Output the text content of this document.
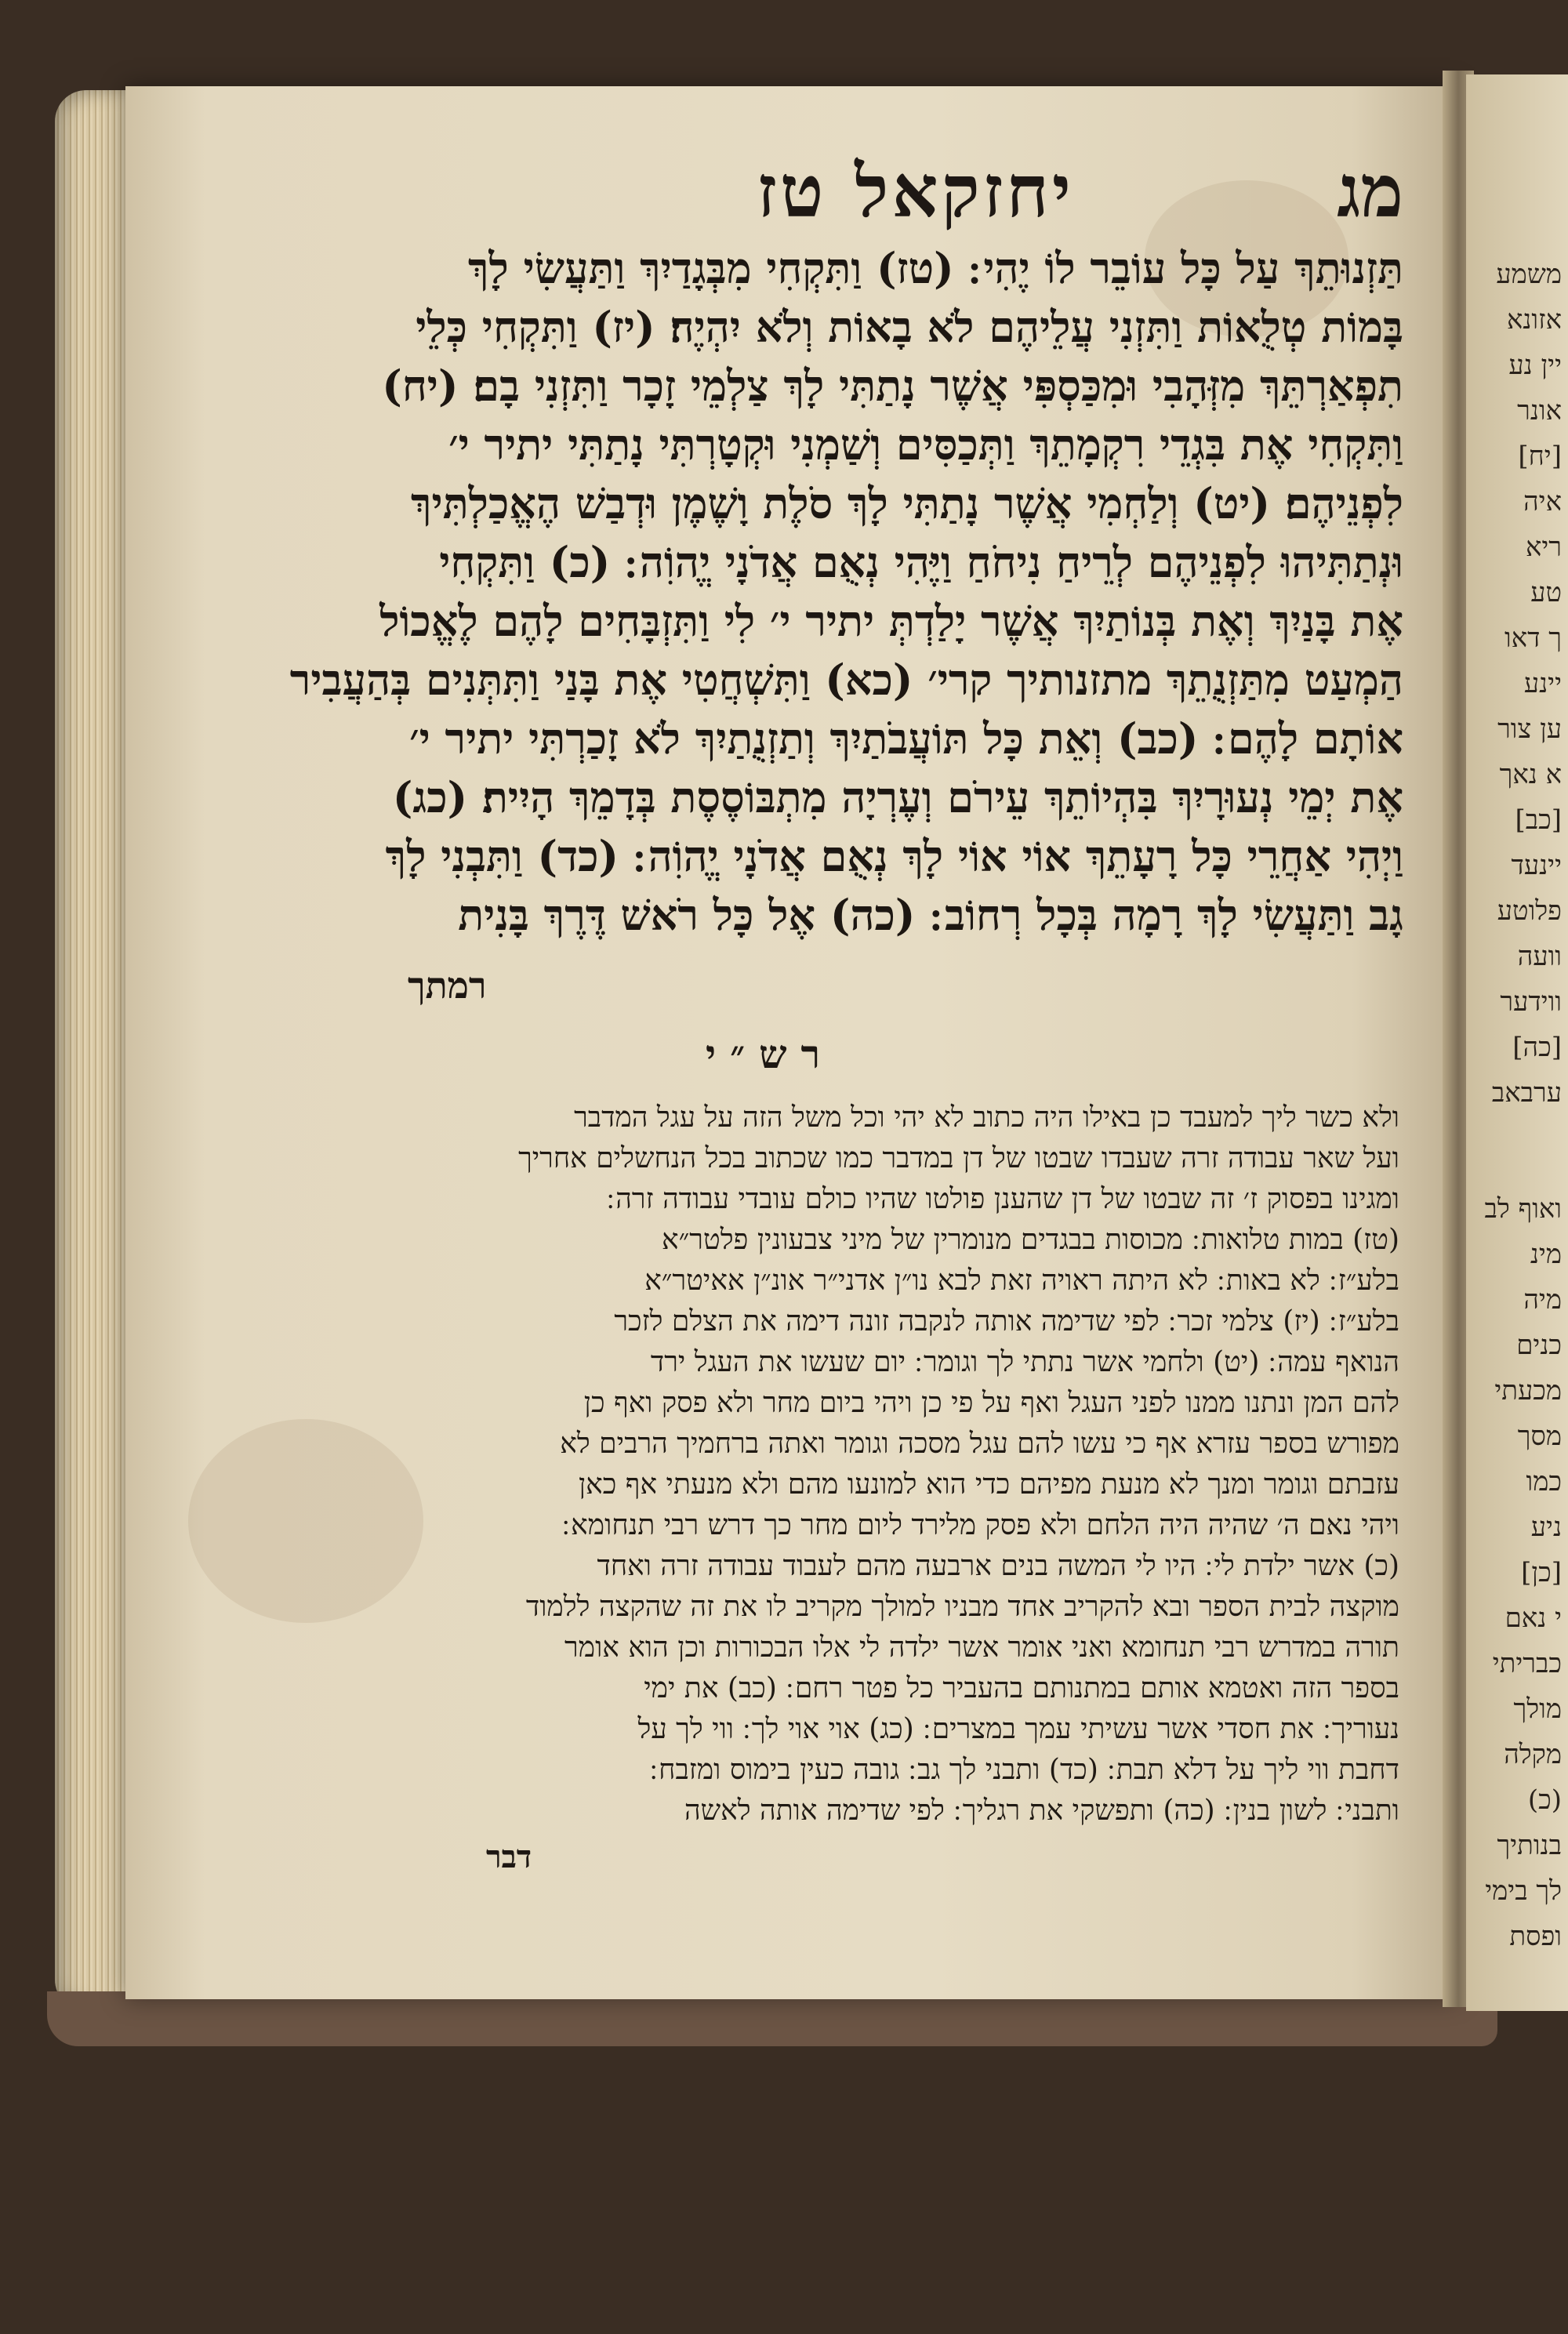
משמע
אזונא
יין נע
אונר
[יח]
איה
ריא
טע
ך דאו
יינע
ען צור
א נאך
[כב]
יינעד
פלוטע
וועה
ווידער
[כה]
ערבאב
ואוף לב
מינ
מיה
כנים
מכעתי
מסך
כמו
ניע
[כן]
י נאם
כבריתי
מולך
מקלה
(כ)
בנותיך
לך בימי
ופסת
מג
יחזקאל טז
תַּזְנוּתֵךְ עַל כָּל עוֹבֵר לוֹ יֶהִי ׃ (טז) וַתִּקְחִי מִבְּגָדַיִךְ וַתַּעֲשִׂי לָךְ
בָּמוֹת טְלֻאוֹת וַתִּזְנִי עֲלֵיהֶם לֹא בָאוֹת וְלֹא יִהְיֶה׃ (יז) וַתִּקְחִי כְּלֵי
תִפְאַרְתֵּךְ מִזְּהָבִי וּמִכַּסְפִּי אֲשֶׁר נָתַתִּי לָךְ צַלְמֵי זָכָר וַתִּזְנִי בָם׃ (יח)
וַתִּקְחִי אֶת בִּגְדֵי רִקְמָתֵךְ וַתְּכַסִּים וְשַׁמְנִי וּקְטָרְתִּי נָתַתִּי יתיר י׳
לִפְנֵיהֶם׃ (יט) וְלַחְמִי אֲשֶׁר נָתַתִּי לָךְ סֹלֶת וָשֶׁמֶן וּדְבַשׁ הֶאֱכַלְתִּיךְ
וּנְתַתִּיהוּ לִפְנֵיהֶם לְרֵיחַ נִיחֹחַ וַיֶּהִי נְאֻם אֲדֹנָי יֱהוִֹה ׃ (כ) וַתִּקְחִי
אֶת בָּנַיִךְ וְאֶת בְּנוֹתַיִךְ אֲשֶׁר יָלַדְתְּ יתיר י׳ לִי וַתִּזְבָּחִים לָהֶם לֶאֱכוֹל
הַמְעַט מִתַּזְנֻתֵךְ מתזנותיך קרי׳ (כא) וַתִּשְׁחֲטִי אֶת בָּנַי וַתִּתְּנִים בְּהַעֲבִיר
אוֹתָם לָהֶם ׃ (כב) וְאֵת כָּל תּוֹעֲבֹתַיִךְ וְתַזְנֻתַיִךְ לֹא זָכַרְתִּי יתיר י׳
אֶת יְמֵי נְעוּרָיִךְ בִּהְיוֹתֵךְ עֵירֹם וְעֶרְיָה מִתְבּוֹסֶסֶת בְּדָמֵךְ הָיִית׃ (כג)
וַיְהִי אַחֲרֵי כָּל רָעָתֵךְ אוֹי אוֹי לָךְ נְאֻם אֲדֹנָי יֱהוִֹה ׃ (כד) וַתִּבְנִי לָךְ
גָב וַתַּעֲשִׂי לָךְ רָמָה בְּכָל רְחוֹב ׃ (כה) אֶל כָּל רֹאשׁ דֶּרֶךְ בָּנִית
רמתך
רש״י
ולא כשר ליך למעבד כן באילו היה כתוב לא יהי וכל משל הזה על עגל המדבר
ועל שאר עבודה זרה שעבדו שבטו של דן במדבר כמו שכתוב בכל הנחשלים אחריך
ומגינו בפסוק ז׳ זה שבטו של דן שהענן פולטו שהיו כולם עובדי עבודה זרה ׃
(טז) במות טלואות ׃ מכוסות בבגדים מנומרין של מיני צבעונין פלטר״א
בלע״ז ׃ לא באות ׃ לא היתה ראויה זאת לבא נו״ן אדני״ר אונ״ן אאיטר״א
בלע״ז ׃ (יז) צלמי זכר ׃ לפי שדימה אותה לנקבה זונה דימה את הצלם לזכר
הנואף עמה ׃ (יט) ולחמי אשר נתתי לך וגומר ׃ יום שעשו את העגל ירד
להם המן ונתנו ממנו לפני העגל ואף על פי כן ויהי ביום מחר ולא פסק ואף כן
מפורש בספר עזרא אף כי עשו להם עגל מסכה וגומר ואתה ברחמיך הרבים לא
עזבתם וגומר ומנך לא מנעת מפיהם כדי הוא למונעו מהם ולא מנעתי אף כאן
ויהי נאם ה׳ שהיה היה הלחם ולא פסק מלירד ליום מחר כך דרש רבי תנחומא ׃
(כ) אשר ילדת לי ׃ היו לי המשה בנים ארבעה מהם לעבוד עבודה זרה ואחד
מוקצה לבית הספר ובא להקריב אחד מבניו למולך מקריב לו את זה שהקצה ללמוד
תורה במדרש רבי תנחומא ואני אומר אשר ילדה לי אלו הבכורות וכן הוא אומר
בספר הזה ואטמא אותם במתנותם בהעביר כל פטר רחם ׃ (כב) את ימי
נעוריך ׃ את חסדי אשר עשיתי עמך במצרים ׃ (כג) אוי אוי לך ׃ ווי לך על
דחבת ווי ליך על דלא תבת ׃ (כד) ותבני לך גב ׃ גובה כעין בימוס ומזבח ׃
ותבני ׃ לשון בנין ׃ (כה) ותפשקי את רגליך ׃ לפי שדימה אותה לאשה
דבר
